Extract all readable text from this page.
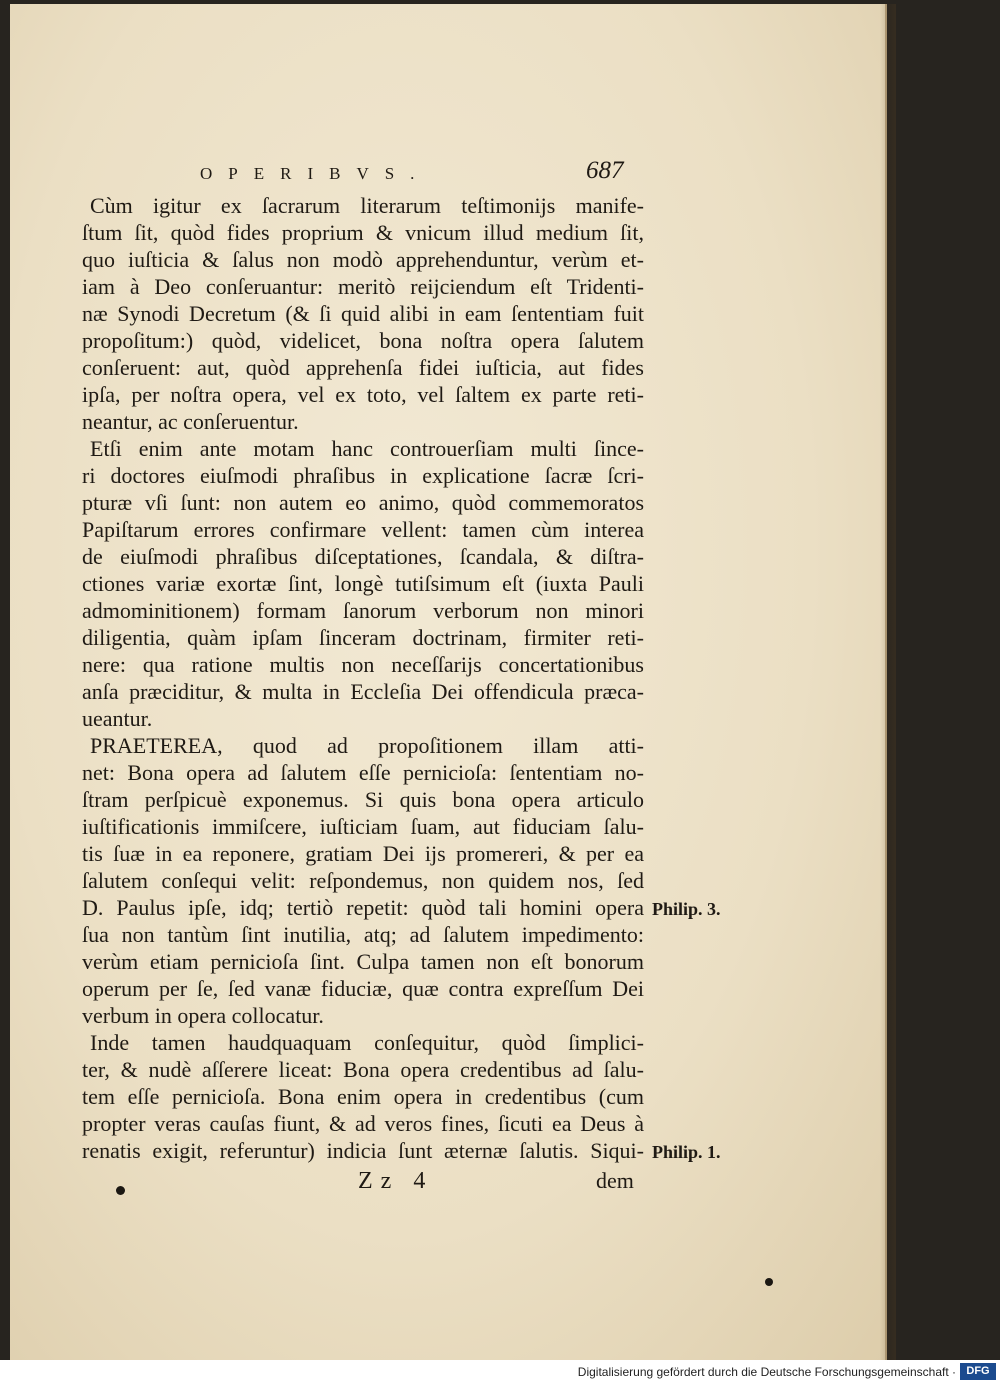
OPERIBVS.	687
Cùm igitur ex ſacrarum literarum teſtimonijs manife-
ſtum ſit, quòd fides proprium & vnicum illud medium ſit,
quo iuſticia & ſalus non modò apprehenduntur, verùm et-
iam à Deo conſeruantur: meritò reijciendum eſt Tridenti-
næ Synodi Decretum (& ſi quid alibi in eam ſententiam fuit
propoſitum:) quòd, videlicet, bona noſtra opera ſalutem
conſeruent: aut, quòd apprehenſa fidei iuſticia, aut fides
ipſa, per noſtra opera, vel ex toto, vel ſaltem ex parte reti-
neantur, ac conſeruentur.
Etſi enim ante motam hanc controuerſiam multi ſince-
ri doctores eiuſmodi phraſibus in explicatione ſacræ ſcri-
pturæ vſi ſunt: non autem eo animo, quòd commemoratos
Papiſtarum errores confirmare vellent: tamen cùm interea
de eiuſmodi phraſibus diſceptationes, ſcandala, & diſtra-
ctiones variæ exortæ ſint, longè tutiſsimum eſt (iuxta Pauli
admominitionem) formam ſanorum verborum non minori
diligentia, quàm ipſam ſinceram doctrinam, firmiter reti-
nere: qua ratione multis non neceſſarijs concertationibus
anſa præciditur, & multa in Eccleſia Dei offendicula præca-
ueantur.
PRAETEREA, quod ad propoſitionem illam atti-
net: Bona opera ad ſalutem eſſe pernicioſa: ſententiam no-
ſtram perſpicuè exponemus. Si quis bona opera articulo
iuſtificationis immiſcere, iuſticiam ſuam, aut fiduciam ſalu-
tis ſuæ in ea reponere, gratiam Dei ijs promereri, & per ea
ſalutem conſequi velit: reſpondemus, non quidem nos, ſed
D. Paulus ipſe, idq; tertiò repetit: quòd tali homini opera
ſua non tantùm ſint inutilia, atq; ad ſalutem impedimento:
verùm etiam pernicioſa ſint. Culpa tamen non eſt bonorum
operum per ſe, ſed vanæ fiduciæ, quæ contra expreſſum Dei
verbum in opera collocatur.
Inde tamen haudquaquam conſequitur, quòd ſimplici-
ter, & nudè aſſerere liceat: Bona opera credentibus ad ſalu-
tem eſſe pernicioſa. Bona enim opera in credentibus (cum
propter veras cauſas fiunt, & ad veros fines, ſicuti ea Deus à
renatis exigit, referuntur) indicia ſunt æternæ ſalutis. Siqui-
Philip. 3.
Philip. 1.
Zz 4	dem
Digitalisierung gefördert durch die Deutsche Forschungsgemeinschaft · DFG
